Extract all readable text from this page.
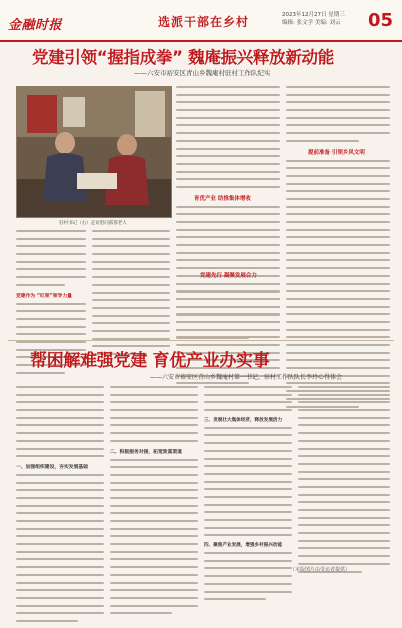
金融时报	选派干部在乡村	2023年12月27日 星期三
编辑: 张文学 美编: 刘云 05
党建引领“握指成拳” 魏庵振兴释放新动能
——六安市裕安区青山乡魏庵村驻村工作队纪实
驻村书记（右）走访慰问孤寡老人
党建作为 “红领”领导力量
育优产业 助推集体增收
提前准备 引领乡风文明
党建先行 凝聚发展合力
帮困解难强党建 育优产业办实事
——六安市裕安区青山乡魏庵村第一书记、驻村工作队队长李玲心得体会
一、加强组织建设，夯实发展基础
二、积极服务对接，拓宽致富渠道
三、发展壮大集体经济，释放发展活力
四、聚焦产业发展，增强乡村振兴动能
（本版图片由受访者提供）
